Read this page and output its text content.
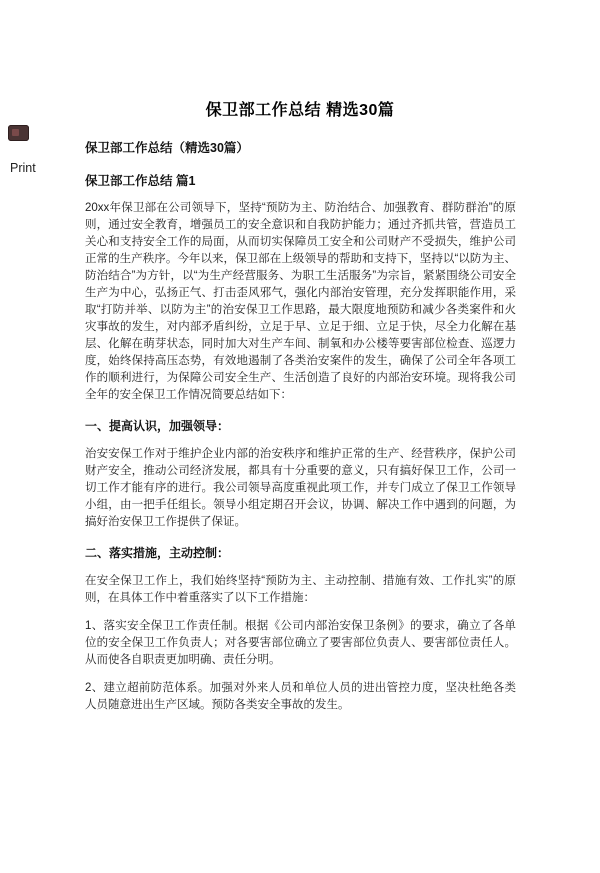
Print
保卫部工作总结 精选30篇
保卫部工作总结（精选30篇）
保卫部工作总结 篇1

20xx年保卫部在公司领导下，坚持“预防为主、防治结合、加强教育、群防群治”的原则，通过安全教育，增强员工的安全意识和自我防护能力；通过齐抓共管，营造员工关心和支持安全工作的局面，从而切实保障员工安全和公司财产不受损失，维护公司正常的生产秩序。今年以来，保卫部在上级领导的帮助和支持下，坚持以“以防为主、防治结合”为方针，以“为生产经营服务、为职工生活服务”为宗旨，紧紧围绕公司安全生产为中心，弘扬正气、打击歪风邪气，强化内部治安管理，充分发挥职能作用，采取“打防并举、以防为主”的治安保卫工作思路，最大限度地预防和减少各类案件和火灾事故的发生，对内部矛盾纠纷，立足于早、立足于细、立足于快，尽全力化解在基层、化解在萌芽状态，同时加大对生产车间、制氧和办公楼等要害部位检查、巡逻力度，始终保持高压态势，有效地遏制了各类治安案件的发生，确保了公司全年各项工作的顺利进行，为保障公司安全生产、生活创造了良好的内部治安环境。现将我公司全年的安全保卫工作情况简要总结如下：

一、提高认识，加强领导：

治安安保工作对于维护企业内部的治安秩序和维护正常的生产、经营秩序，保护公司财产安全，推动公司经济发展，都具有十分重要的意义，只有搞好保卫工作，公司一切工作才能有序的进行。我公司领导高度重视此项工作，并专门成立了保卫工作领导小组，由一把手任组长。领导小组定期召开会议，协调、解决工作中遇到的问题，为搞好治安保卫工作提供了保证。

二、落实措施，主动控制：

在安全保卫工作上，我们始终坚持“预防为主、主动控制、措施有效、工作扎实”的原则，在具体工作中着重落实了以下工作措施：

1、落实安全保卫工作责任制。根据《公司内部治安保卫条例》的要求，确立了各单位的安全保卫工作负责人；对各要害部位确立了要害部位负责人、要害部位责任人。从而使各自职责更加明确、责任分明。

2、建立超前防范体系。加强对外来人员和单位人员的进出管控力度，坚决杜绝各类人员随意进出生产区域。预防各类安全事故的发生。
